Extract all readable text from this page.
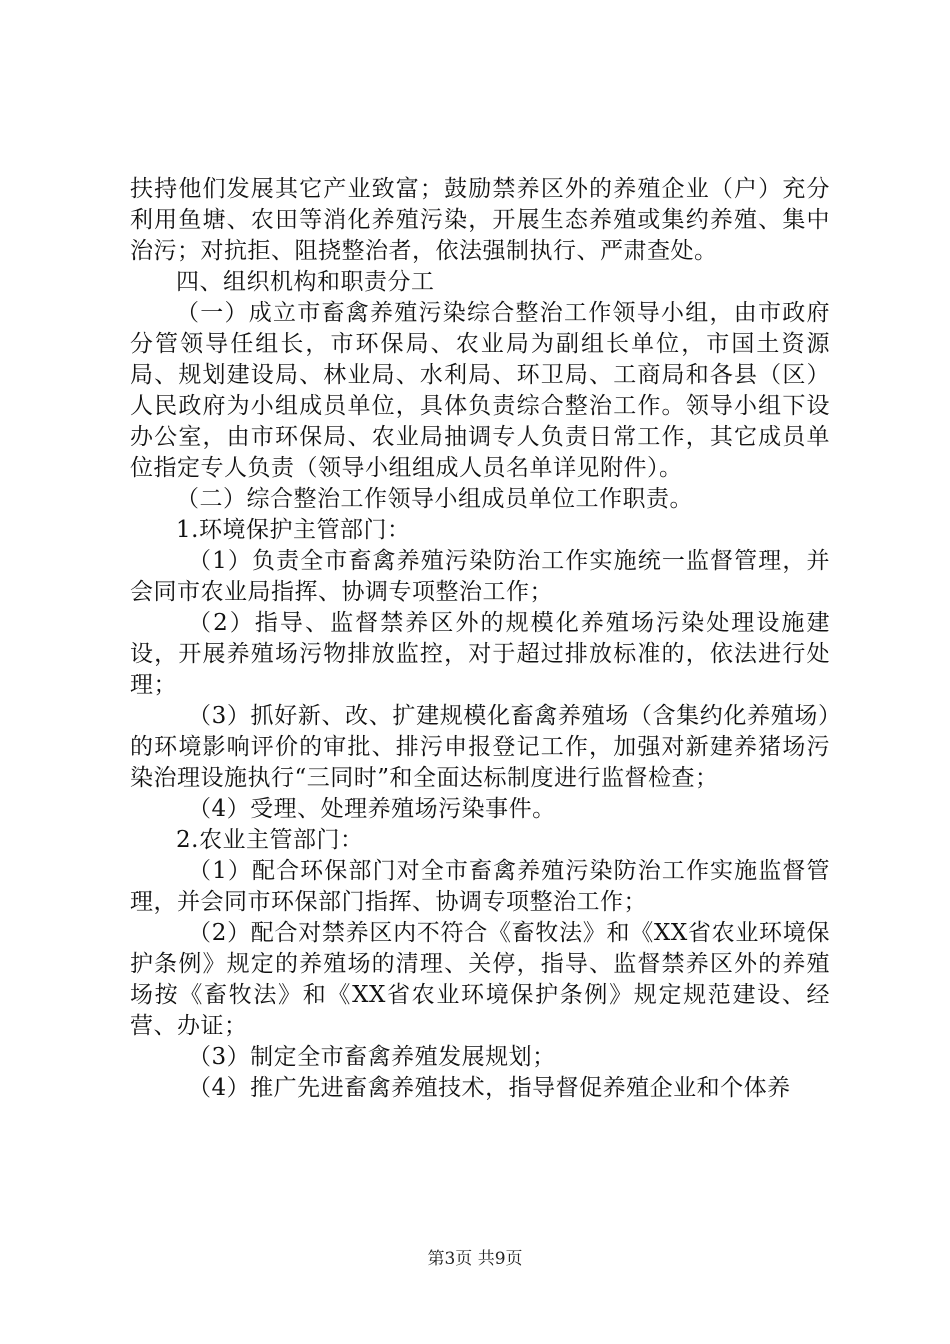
扶持他们发展其它产业致富；鼓励禁养区外的养殖企业（户）充分利用鱼塘、农田等消化养殖污染，开展生态养殖或集约养殖、集中治污；对抗拒、阻挠整治者，依法强制执行、严肃查处。

四、组织机构和职责分工

（一）成立市畜禽养殖污染综合整治工作领导小组，由市政府分管领导任组长，市环保局、农业局为副组长单位，市国土资源局、规划建设局、林业局、水利局、环卫局、工商局和各县（区）人民政府为小组成员单位，具体负责综合整治工作。领导小组下设办公室，由市环保局、农业局抽调专人负责日常工作，其它成员单位指定专人负责（领导小组组成人员名单详见附件）。

（二）综合整治工作领导小组成员单位工作职责。

1.环境保护主管部门：

（1）负责全市畜禽养殖污染防治工作实施统一监督管理，并会同市农业局指挥、协调专项整治工作；

（2）指导、监督禁养区外的规模化养殖场污染处理设施建设，开展养殖场污物排放监控，对于超过排放标准的，依法进行处理；

（3）抓好新、改、扩建规模化畜禽养殖场（含集约化养殖场）的环境影响评价的审批、排污申报登记工作，加强对新建养猪场污染治理设施执行“三同时”和全面达标制度进行监督检查；

（4）受理、处理养殖场污染事件。

2.农业主管部门：

（1）配合环保部门对全市畜禽养殖污染防治工作实施监督管理，并会同市环保部门指挥、协调专项整治工作；

（2）配合对禁养区内不符合《畜牧法》和《XX省农业环境保护条例》规定的养殖场的清理、关停，指导、监督禁养区外的养殖场按《畜牧法》和《XX省农业环境保护条例》规定规范建设、经营、办证；

（3）制定全市畜禽养殖发展规划；

（4）推广先进畜禽养殖技术，指导督促养殖企业和个体养

第3页 共9页
